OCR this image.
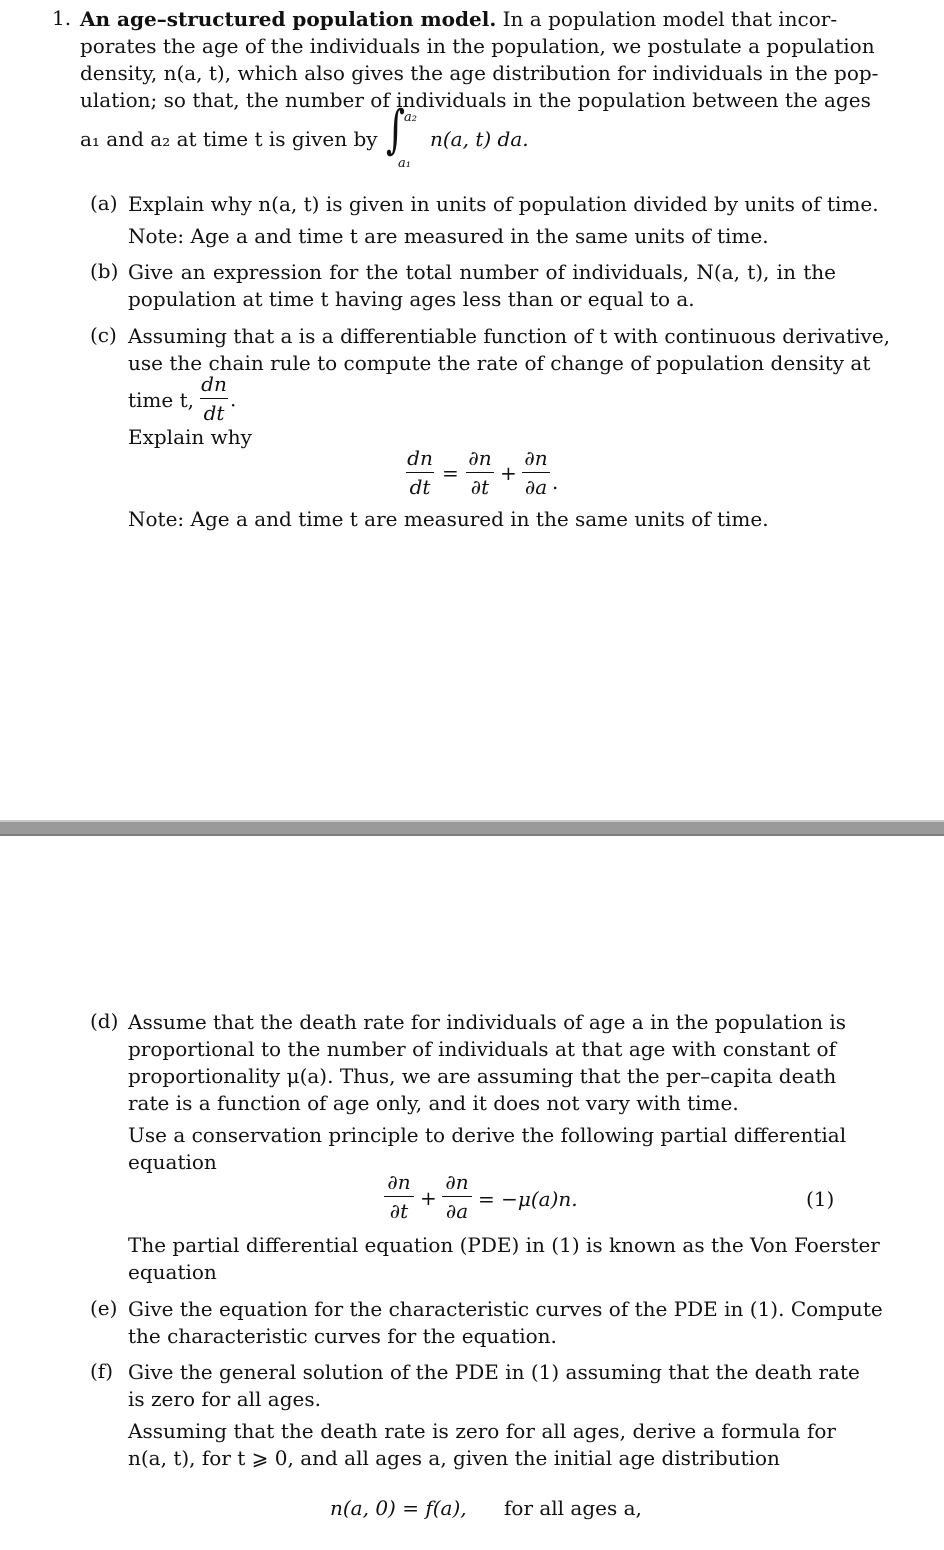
1. An age–structured population model. In a population model that incor-
porates the age of the individuals in the population, we postulate a population
density, n(a, t), which also gives the age distribution for individuals in the pop-
ulation; so that, the number of individuals in the population between the ages
a₁ and a₂ at time t is given by ∫ a₂
a₁
n(a, t) da.
(a) Explain why n(a, t) is given in units of population divided by units of time.
Note: Age a and time t are measured in the same units of time.
(b) Give an expression for the total number of individuals, N(a, t), in the
population at time t having ages less than or equal to a.
(c) Assuming that a is a differentiable function of t with continuous derivative,
use the chain rule to compute the rate of change of population density at
time t,
dn
dt ·
Explain why
dn
dt
=
∂n
∂t
+
∂n
∂a .
Note: Age a and time t are measured in the same units of time.
(d) Assume that the death rate for individuals of age a in the population is
proportional to the number of individuals at that age with constant of
proportionality μ(a). Thus, we are assuming that the per–capita death
rate is a function of age only, and it does not vary with time.
Use a conservation principle to derive the following partial differential
equation
∂n
∂t
+
∂n
∂a = −μ(a)n.	(1)
The partial differential equation (PDE) in (1) is known as the Von Foerster
equation
(e) Give the equation for the characteristic curves of the PDE in (1). Compute
the characteristic curves for the equation.
(f) Give the general solution of the PDE in (1) assuming that the death rate
is zero for all ages.
Assuming that the death rate is zero for all ages, derive a formula for
n(a, t), for t ⩾ 0, and all ages a, given the initial age distribution
n(a, 0) = f(a), for all ages a,
